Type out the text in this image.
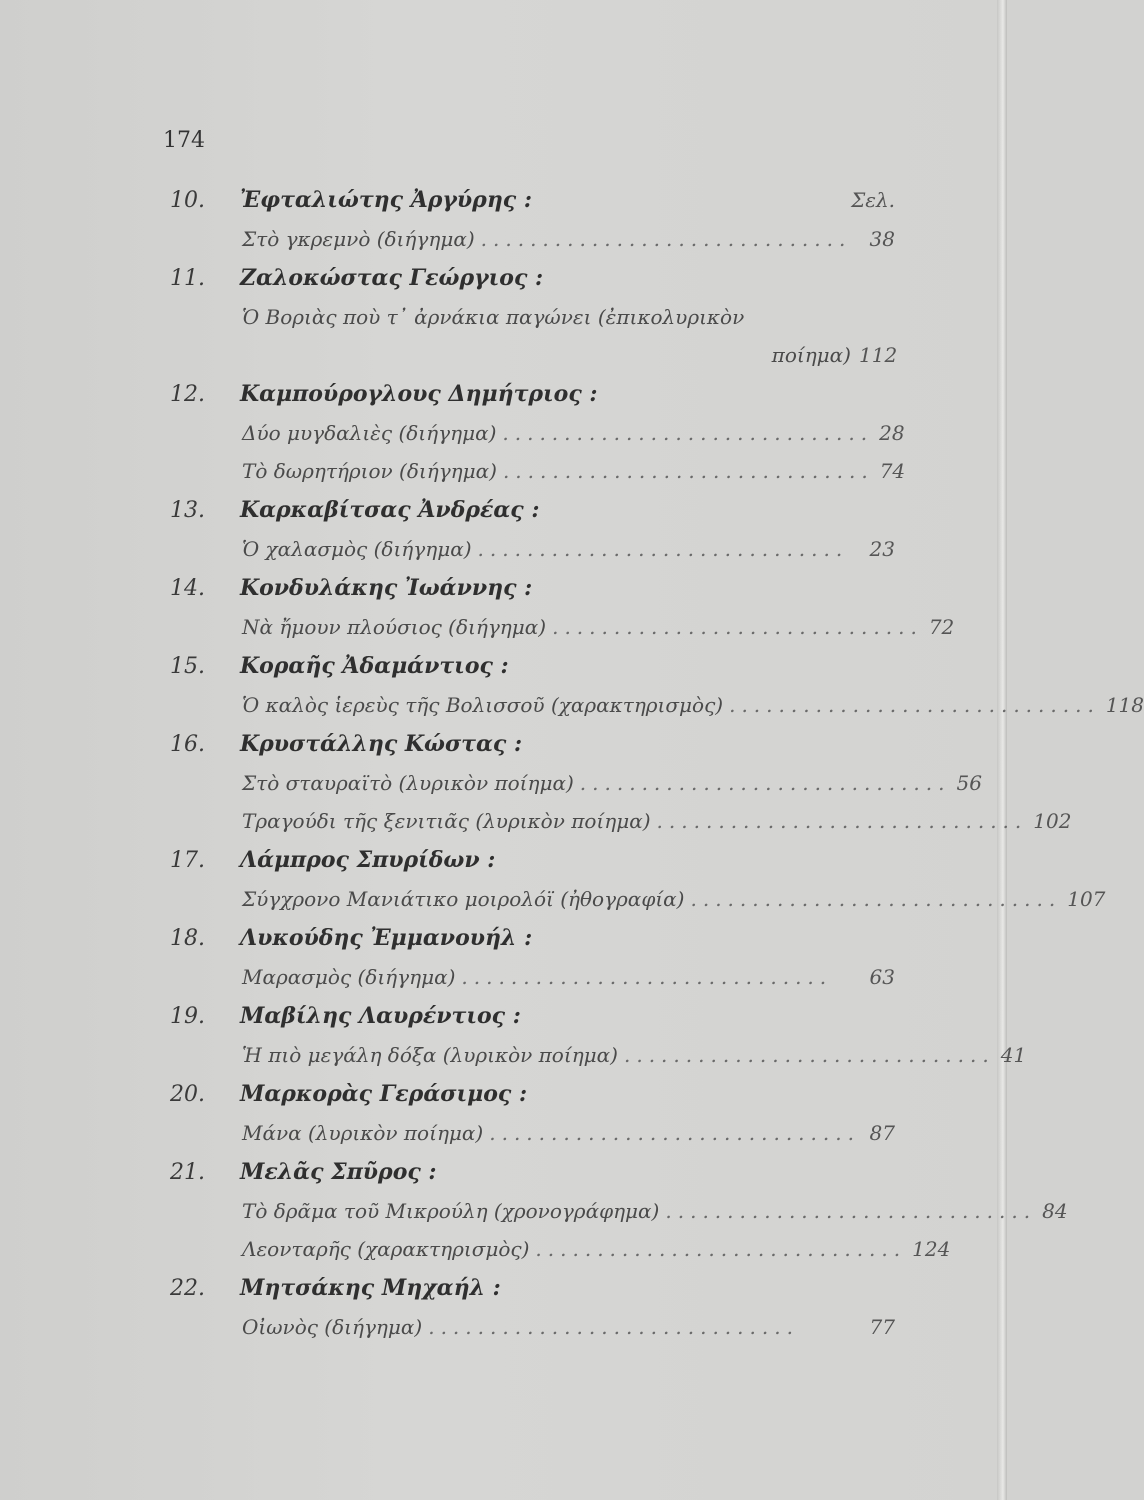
174
10.	Ἐφταλιώτης Ἀργύρης :	Σελ.
Στὸ γκρεμνὸ (διήγημα) .............................. 38
11.	Ζαλοκώστας Γεώργιος :
Ὁ Βοριὰς ποὺ τ᾽ ἀρνάκια παγώνει (ἐπικολυρικὸν
ποίημα) 112
12.	Καμπούρογλους Δημήτριος :
Δύο μυγδαλιὲς (διήγημα) .............................. 28
Τὸ δωρητήριον (διήγημα) .............................. 74
13.	Καρκαβίτσας Ἀνδρέας :
Ὁ χαλασμὸς (διήγημα) ..............................	23
14.	Κονδυλάκης Ἰωάννης :
Νὰ ἤμουν πλούσιος (διήγημα) .............................. 72
15.	Κοραῆς Ἀδαμάντιος :
Ὁ καλὸς ἱερεὺς τῆς Βολισσοῦ (χαρακτηρισμὸς) .............................. 118
16.	Κρυστάλλης Κώστας :
Στὸ σταυραϊτὸ (λυρικὸν ποίημα) .............................. 56
Τραγούδι τῆς ξενιτιᾶς (λυρικὸν ποίημα) .............................. 102
17.	Λάμπρος Σπυρίδων :
Σύγχρονο Μανιάτικο μοιρολόϊ (ἠθογραφία) .............................. 107
18.	Λυκούδης Ἐμμανουήλ :
Μαρασμὸς (διήγημα) ..............................	63
19.	Μαβίλης Λαυρέντιος :
Ἡ πιὸ μεγάλη δόξα (λυρικὸν ποίημα) .............................. 41
20.	Μαρκορὰς Γεράσιμος :
Μάνα (λυρικὸν ποίημα) .............................. 87
21.	Μελᾶς Σπῦρος :
Τὸ δρᾶμα τοῦ Μικρούλη (χρονογράφημα) .............................. 84
Λεονταρῆς (χαρακτηρισμὸς) .............................. 124
22.	Μητσάκης Μηχαήλ :
Οἰωνὸς (διήγημα) ..............................	77
